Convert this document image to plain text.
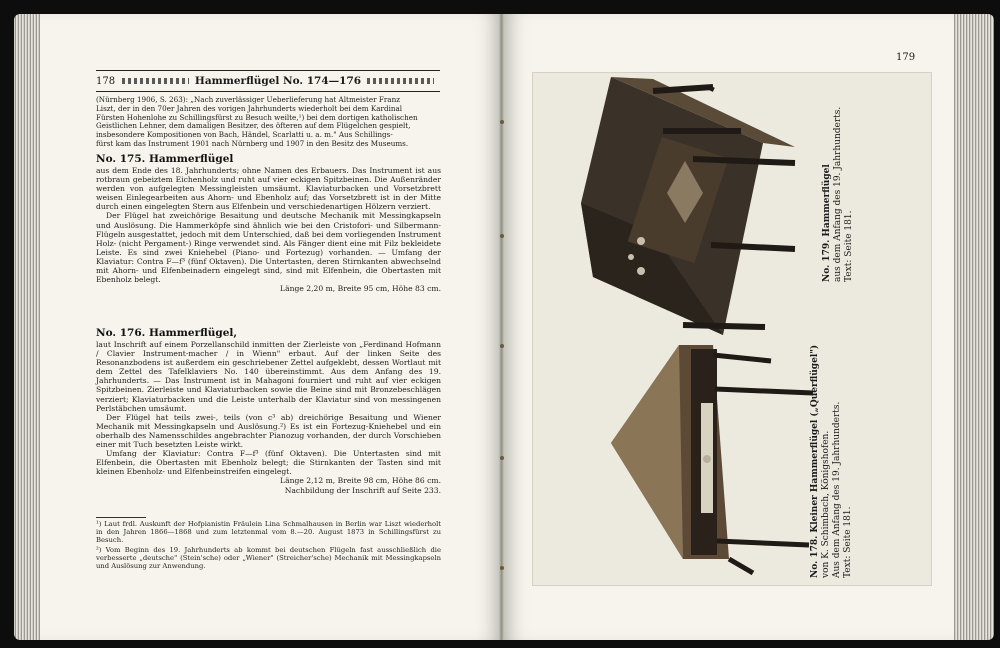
178	Hammerflügel No. 174—176
(Nürnberg 1906, S. 263): „Nach zuverlässiger Ueberlieferung hat Altmeister Franz
Liszt, der in den 70er Jahren des vorigen Jahrhunderts wiederholt bei dem Kardinal
Fürsten Hohenlohe zu Schillingsfürst zu Besuch weilte,¹) bei dem dortigen katholischen
Geistlichen Lehner, dem damaligen Besitzer, des öfteren auf dem Flügelchen gespielt,
insbesondere Kompositionen von Bach, Händel, Scarlatti u. a. m." Aus Schillings-
fürst kam das Instrument 1901 nach Nürnberg und 1907 in den Besitz des Museums.
No. 175. Hammerflügel

aus dem Ende des 18. Jahrhunderts; ohne Namen des Erbauers. Das Instrument ist aus rotbraun gebeiztem Eichenholz und ruht auf vier eckigen Spitzbeinen. Die Außenränder werden von aufgelegten Messingleisten umsäumt. Klaviaturbacken und Vorsetzbrett weisen Einlegearbeiten aus Ahorn- und Ebenholz auf; das Vorsetzbrett ist in der Mitte durch einen eingelegten Stern aus Elfenbein und verschiedenartigen Hölzern verziert.

Der Flügel hat zweichörige Besaitung und deutsche Mechanik mit Messingkapseln und Auslösung. Die Hammerköpfe sind ähnlich wie bei den Cristofori- und Silbermann-Flügeln ausgestattet, jedoch mit dem Unterschied, daß bei dem vorliegenden Instrument Holz- (nicht Pergament-) Ringe verwendet sind. Als Fänger dient eine mit Filz bekleidete Leiste. Es sind zwei Kniehebel (Piano- und Fortezug) vorhanden. — Umfang der Klaviatur: Contra F—f³ (fünf Oktaven). Die Untertasten, deren Stirnkanten abwechselnd mit Ahorn- und Elfenbeinadern eingelegt sind, sind mit Elfenbein, die Obertasten mit Ebenholz belegt.

Länge 2,20 m, Breite 95 cm, Höhe 83 cm.
No. 176. Hammerflügel,

laut Inschrift auf einem Porzellanschild inmitten der Zierleiste von „Ferdinand Hofmann / Clavier Instrument-macher / in Wienn" erbaut. Auf der linken Seite des Resonanzbodens ist außerdem ein geschriebener Zettel aufgeklebt, dessen Wortlaut mit dem Zettel des Tafelklaviers No. 140 übereinstimmt. Aus dem Anfang des 19. Jahrhunderts. — Das Instrument ist in Mahagoni fourniert und ruht auf vier eckigen Spitzbeinen. Zierleiste und Klaviaturbacken sowie die Beine sind mit Bronzebeschlägen verziert; Klaviaturbacken und die Leiste unterhalb der Klaviatur sind von messingenen Perlstäbchen umsäumt.

Der Flügel hat teils zwei-, teils (von c³ ab) dreichörige Besaitung und Wiener Mechanik mit Messingkapseln und Auslösung.²) Es ist ein Fortezug-Kniehebel und ein oberhalb des Namensschildes angebrachter Pianozug vorhanden, der durch Vorschieben einer mit Tuch besetzten Leiste wirkt.

Umfang der Klaviatur: Contra F—f³ (fünf Oktaven). Die Untertasten sind mit Elfenbein, die Obertasten mit Ebenholz belegt; die Stirnkanten der Tasten sind mit kleinen Ebenholz- und Elfenbeinstreifen eingelegt.

Länge 2,12 m, Breite 98 cm, Höhe 86 cm.
Nachbildung der Inschrift auf Seite 233.
¹) Laut frdl. Auskunft der Hofpianistin Fräulein Lina Schmalhausen in Berlin war Liszt wiederholt in den Jahren 1866—1868 und zum letztenmal vom 8.—20. August 1873 in Schillingsfürst zu Besuch.
²) Vom Beginn des 19. Jahrhunderts ab kommt bei deutschen Flügeln fast ausschließlich die verbesserte „deutsche" (Stein'sche) oder „Wiener" (Streicher'sche) Mechanik mit Messingkapseln und Auslösung zur Anwendung.
179
No. 179. Hammerflügel aus dem Anfang des 19. Jahrhunderts. Text: Seite 181.
No. 178. Kleiner Hammerflügel („Querflügel") von K. Schimbach, Königshofen. Aus dem Anfang des 19. Jahrhunderts. Text: Seite 181.
